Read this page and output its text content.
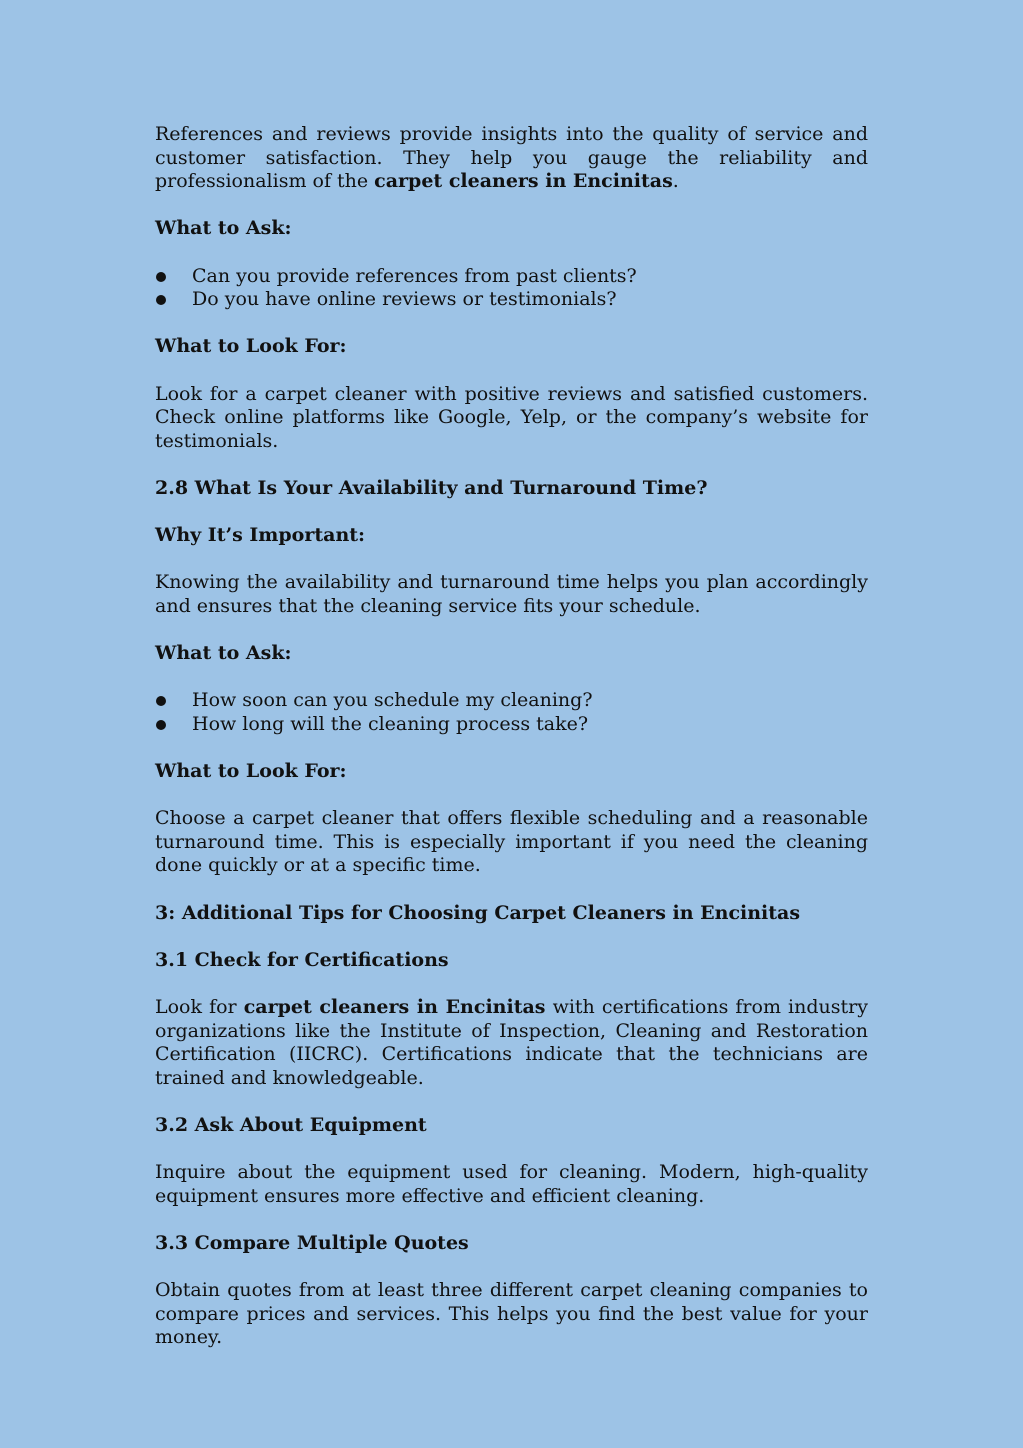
References and reviews provide insights into the quality of service and customer satisfaction. They help you gauge the reliability and professionalism of the carpet cleaners in Encinitas.

What to Ask:

Can you provide references from past clients?
Do you have online reviews or testimonials?

What to Look For:

Look for a carpet cleaner with positive reviews and satisfied customers. Check online platforms like Google, Yelp, or the company’s website for testimonials.

2.8 What Is Your Availability and Turnaround Time?

Why It’s Important:

Knowing the availability and turnaround time helps you plan accordingly and ensures that the cleaning service fits your schedule.

What to Ask:

How soon can you schedule my cleaning?
How long will the cleaning process take?

What to Look For:

Choose a carpet cleaner that offers flexible scheduling and a reasonable turnaround time. This is especially important if you need the cleaning done quickly or at a specific time.

3: Additional Tips for Choosing Carpet Cleaners in Encinitas

3.1 Check for Certifications

Look for carpet cleaners in Encinitas with certifications from industry organizations like the Institute of Inspection, Cleaning and Restoration Certification (IICRC). Certifications indicate that the technicians are trained and knowledgeable.

3.2 Ask About Equipment

Inquire about the equipment used for cleaning. Modern, high-quality equipment ensures more effective and efficient cleaning.

3.3 Compare Multiple Quotes

Obtain quotes from at least three different carpet cleaning companies to compare prices and services. This helps you find the best value for your money.
